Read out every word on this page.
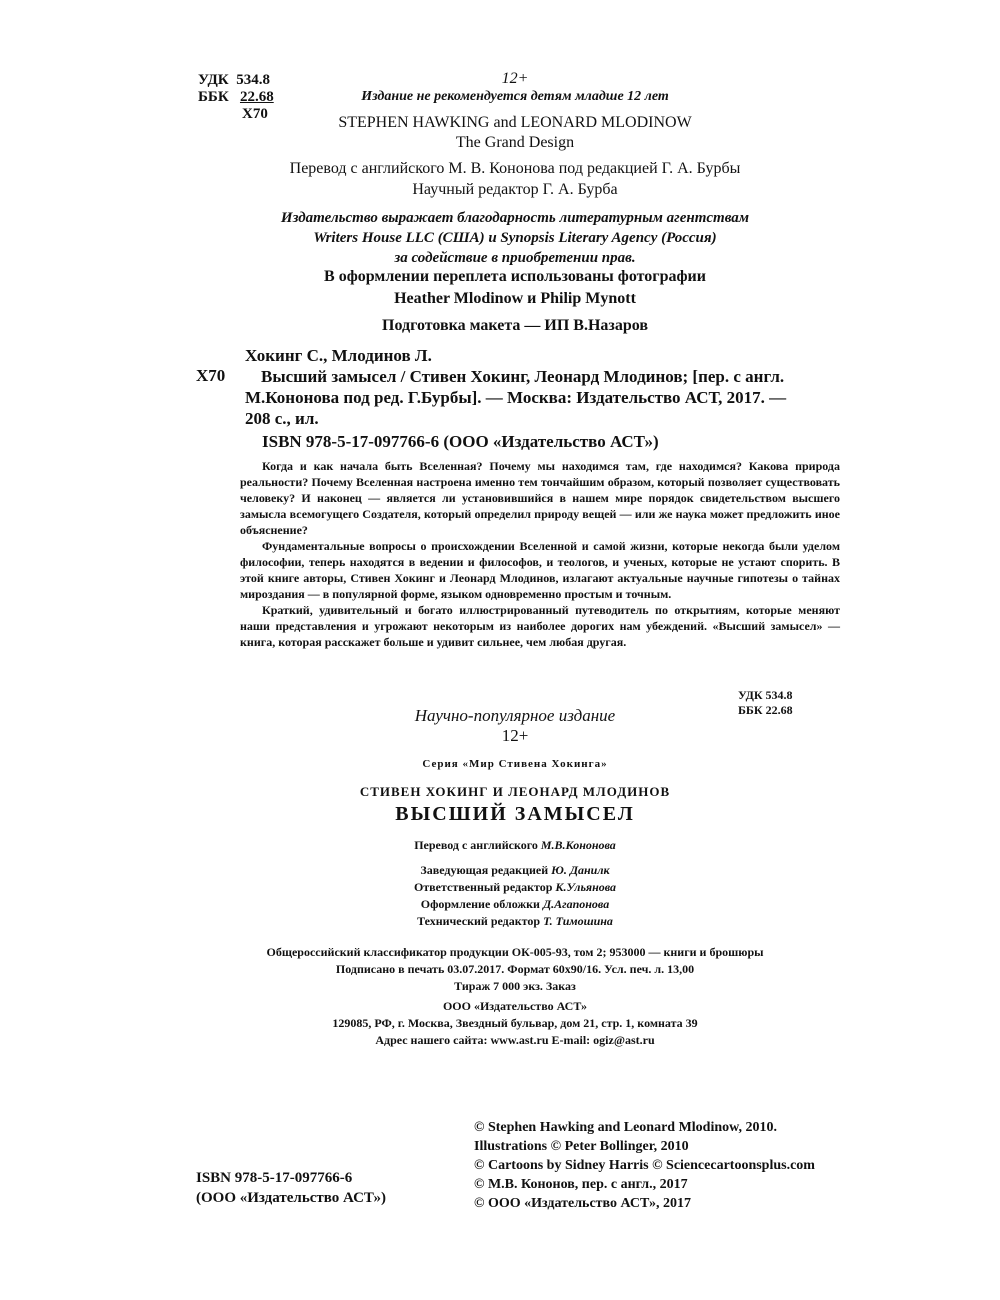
УДК 534.8
ББК 22.68
Х70
12+
Издание не рекомендуется детям младше 12 лет
STEPHEN HAWKING and LEONARD MLODINOW
The Grand Design
Перевод с английского М. В. Кононова под редакцией Г. А. Бурбы
Научный редактор Г. А. Бурба
Издательство выражает благодарность литературным агентствам
Writers House LLC (США) и Synopsis Literary Agency (Россия)
за содействие в приобретении прав.
В оформлении переплета использованы фотографии
Heather Mlodinow и Philip Mynott
Подготовка макета — ИП В.Назаров
Хокинг С., Млодинов Л.
Х70	Высший замысел / Стивен Хокинг, Леонард Млодинов; [пер. с англ.
М.Кононова под ред. Г.Бурбы]. — Москва: Издательство АСТ, 2017. —
208 с., ил.
ISBN 978-5-17-097766-6 (ООО «Издательство АСТ»)

Когда и как начала быть Вселенная? Почему мы находимся там, где находимся? Какова природа реальности? Почему Вселенная настроена именно тем тончайшим образом, который позволяет существовать человеку? И наконец — является ли установившийся в нашем мире порядок свидетельством высшего замысла всемогущего Создателя, который определил природу вещей — или же наука может предложить иное объяснение?

Фундаментальные вопросы о происхождении Вселенной и самой жизни, которые некогда были уделом философии, теперь находятся в ведении и философов, и теологов, и ученых, которые не устают спорить. В этой книге авторы, Стивен Хокинг и Леонард Млодинов, излагают актуальные научные гипотезы о тайнах мироздания — в популярной форме, языком одновременно простым и точным.

Краткий, удивительный и богато иллюстрированный путеводитель по открытиям, которые меняют наши представления и угрожают некоторым из наиболее дорогих нам убеждений. «Высший замысел» — книга, которая расскажет больше и удивит сильнее, чем любая другая.

УДК 534.8
ББК 22.68
Научно-популярное издание
12+
Серия «Мир Стивена Хокинга»
СТИВЕН ХОКИНГ И ЛЕОНАРД МЛОДИНОВ
ВЫСШИЙ ЗАМЫСЕЛ
Перевод с английского М.В.Кононова
Заведующая редакцией Ю. Данилк
Ответственный редактор К.Ульянова
Оформление обложки Д.Агапонова
Технический редактор Т. Тимошина
Общероссийский классификатор продукции ОК-005-93, том 2; 953000 — книги и брошюры
Подписано в печать 03.07.2017. Формат 60х90/16. Усл. печ. л. 13,00
Тираж 7 000 экз. Заказ
ООО «Издательство АСТ»
129085, РФ, г. Москва, Звездный бульвар, дом 21, стр. 1, комната 39
Адрес нашего сайта: www.ast.ru E-mail: ogiz@ast.ru
ISBN 978-5-17-097766-6
(ООО «Издательство АСТ»)
© Stephen Hawking and Leonard Mlodinow, 2010.
Illustrations © Peter Bollinger, 2010
© Cartoons by Sidney Harris © Sciencecartoonsplus.com
© М.В. Кононов, пер. с англ., 2017
© ООО «Издательство АСТ», 2017
